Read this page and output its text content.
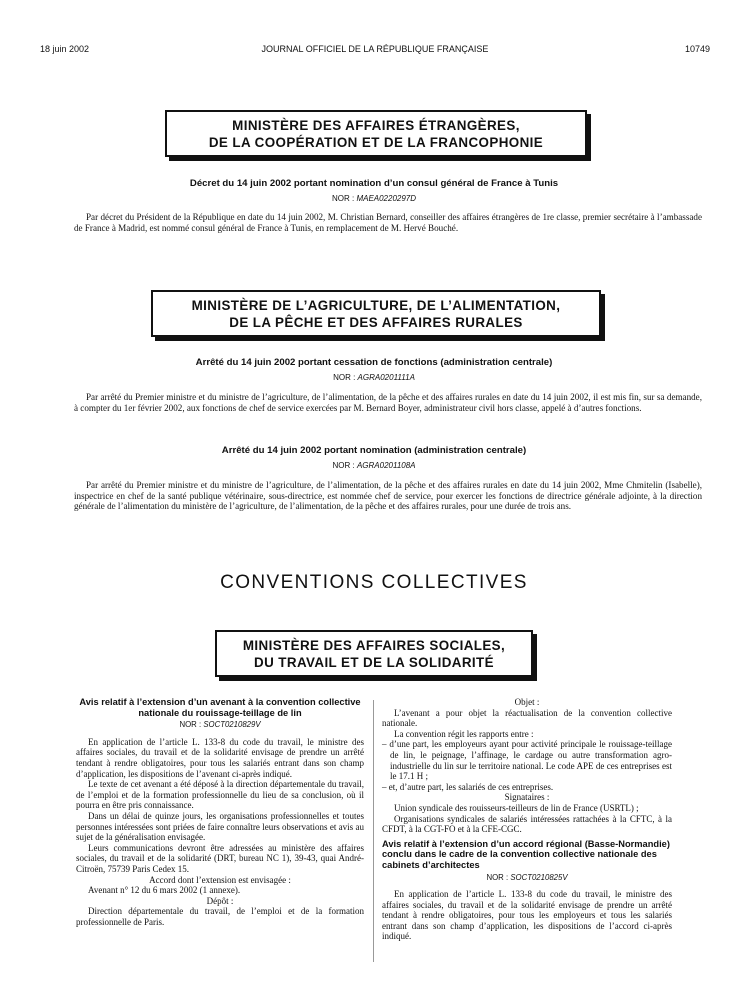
18 juin 2002	JOURNAL OFFICIEL DE LA RÉPUBLIQUE FRANÇAISE	10749
MINISTÈRE DES AFFAIRES ÉTRANGÈRES,
DE LA COOPÉRATION ET DE LA FRANCOPHONIE
Décret du 14 juin 2002 portant nomination d’un consul général de France à Tunis
NOR : MAEA0220297D
Par décret du Président de la République en date du 14 juin 2002, M. Christian Bernard, conseiller des affaires étrangères de 1re classe, premier secrétaire à l’ambassade de France à Madrid, est nommé consul général de France à Tunis, en remplacement de M. Hervé Bouché.
MINISTÈRE DE L’AGRICULTURE, DE L’ALIMENTATION,
DE LA PÊCHE ET DES AFFAIRES RURALES
Arrêté du 14 juin 2002 portant cessation de fonctions (administration centrale)
NOR : AGRA0201111A
Par arrêté du Premier ministre et du ministre de l’agriculture, de l’alimentation, de la pêche et des affaires rurales en date du 14 juin 2002, il est mis fin, sur sa demande, à compter du 1er février 2002, aux fonctions de chef de service exercées par M. Bernard Boyer, administrateur civil hors classe, appelé à d’autres fonctions.
Arrêté du 14 juin 2002 portant nomination (administration centrale)
NOR : AGRA0201108A
Par arrêté du Premier ministre et du ministre de l’agriculture, de l’alimentation, de la pêche et des affaires rurales en date du 14 juin 2002, Mme Chmitelin (Isabelle), inspectrice en chef de la santé publique vétérinaire, sous-directrice, est nommée chef de service, pour exercer les fonctions de directrice générale adjointe, à la direction générale de l’alimentation du ministère de l’agriculture, de l’alimentation, de la pêche et des affaires rurales, pour une durée de trois ans.
CONVENTIONS COLLECTIVES
MINISTÈRE DES AFFAIRES SOCIALES,
DU TRAVAIL ET DE LA SOLIDARITÉ
Avis relatif à l’extension d’un avenant à la convention collective nationale du rouissage-teillage de lin
NOR : SOCT0210829V

En application de l’article L. 133-8 du code du travail, le ministre des affaires sociales, du travail et de la solidarité envisage de prendre un arrêté tendant à rendre obligatoires, pour tous les salariés entrant dans son champ d’application, les dispositions de l’avenant ci-après indiqué.

Le texte de cet avenant a été déposé à la direction départementale du travail, de l’emploi et de la formation professionnelle du lieu de sa conclusion, où il pourra en être pris connaissance.

Dans un délai de quinze jours, les organisations professionnelles et toutes personnes intéressées sont priées de faire connaître leurs observations et avis au sujet de la généralisation envisagée.

Leurs communications devront être adressées au ministère des affaires sociales, du travail et de la solidarité (DRT, bureau NC 1), 39-43, quai André-Citroën, 75739 Paris Cedex 15.

Accord dont l’extension est envisagée :

Avenant n° 12 du 6 mars 2002 (1 annexe).

Dépôt :

Direction départementale du travail, de l’emploi et de la formation professionnelle de Paris.

Objet :

L’avenant a pour objet la réactualisation de la convention collective nationale.

La convention régit les rapports entre :

– d’une part, les employeurs ayant pour activité principale le rouissage-teillage de lin, le peignage, l’affinage, le cardage ou autre transformation agro-industrielle du lin sur le territoire national. Le code APE de ces entreprises est le 17.1 H ;

– et, d’autre part, les salariés de ces entreprises.

Signataires :

Union syndicale des rouisseurs-teilleurs de lin de France (USRTL) ;

Organisations syndicales de salariés intéressées rattachées à la CFTC, à la CFDT, à la CGT-FO et à la CFE-CGC.

Avis relatif à l’extension d’un accord régional (Basse-Normandie) conclu dans le cadre de la convention collective nationale des cabinets d’architectes
NOR : SOCT0210825V

En application de l’article L. 133-8 du code du travail, le ministre des affaires sociales, du travail et de la solidarité envisage de prendre un arrêté tendant à rendre obligatoires, pour tous les employeurs et tous les salariés entrant dans son champ d’application, les dispositions de l’accord ci-après indiqué.
